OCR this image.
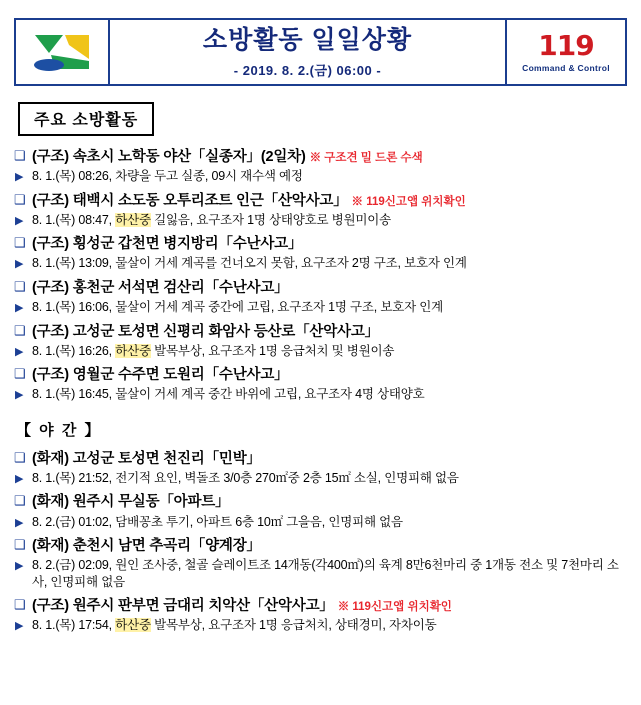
소방활동 일일상황
- 2019. 8. 2.(금) 06:00 -
119
Command & Control
주요 소방활동
❑ (구조) 속초시 노학동 야산「실종자」(2일차) ※ 구조견 밀 드론 수색
▶ 8. 1.(목) 08:26, 차량을 두고 실종, 09시 재수색 예정
❑ (구조) 태백시 소도동 오투리조트 인근「산악사고」 ※ 119신고앱 위치확인
▶ 8. 1.(목) 08:47, 하산중 길잃음, 요구조자 1명 상태양호로 병원미이송
❑ (구조) 횡성군 갑천면 병지방리「수난사고」
▶ 8. 1.(목) 13:09, 물살이 거세 계곡를 건너오지 못함, 요구조자 2명 구조, 보호자 인계
❑ (구조) 홍천군 서석면 검산리「수난사고」
▶ 8. 1.(목) 16:06, 물살이 거세 계곡 중간에 고립, 요구조자 1명 구조, 보호자 인계
❑ (구조) 고성군 토성면 신평리 화암사 등산로「산악사고」
▶ 8. 1.(목) 16:26, 하산중 발목부상, 요구조자 1명 응급처치 및 병원이송
❑ (구조) 영월군 수주면 도원리「수난사고」
▶ 8. 1.(목) 16:45, 물살이 거세 계곡 중간 바위에 고립, 요구조자 4명 상태양호
【 야 간 】
❑ (화재) 고성군 토성면 천진리「민박」
▶ 8. 1.(목) 21:52, 전기적 요인, 벽돌조 3/0층 270㎡중 2층 15㎡ 소실, 인명피해 없음
❑ (화재) 원주시 무실동「아파트」
▶ 8. 2.(금) 01:02, 담배꽁초 투기, 아파트 6층 10㎡ 그을음, 인명피해 없음
❑ (화재) 춘천시 남면 추곡리「양계장」
▶ 8. 2.(금) 02:09, 원인 조사중, 철골 슬레이트조 14개동(각400㎡)의 육계 8만6천마리 중 1개동 전소 및 7천마리 소사, 인명피해 없음
❑ (구조) 원주시 판부면 금대리 치악산「산악사고」 ※ 119신고앱 위치확인
▶ 8. 1.(목) 17:54, 하산중 발목부상, 요구조자 1명 응급처치, 상태경미, 자차이동
